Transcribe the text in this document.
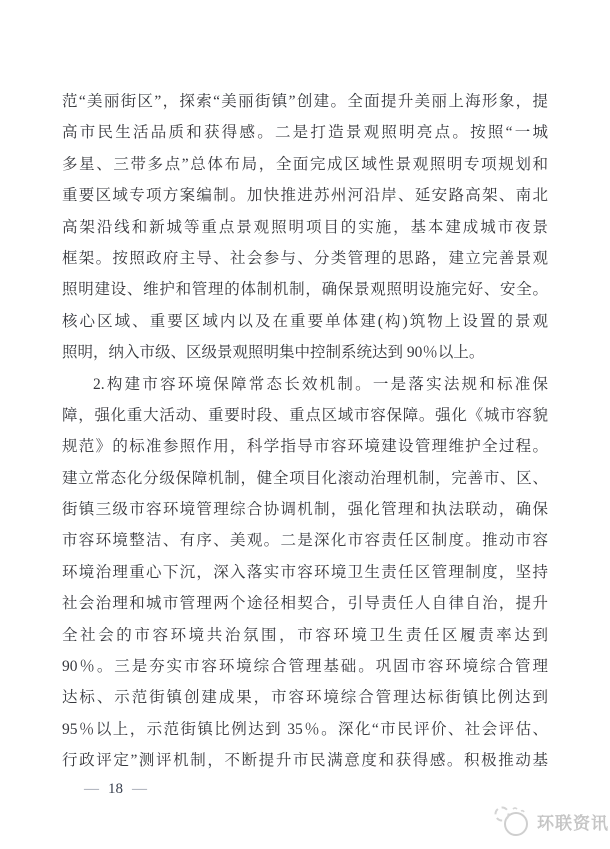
范“美丽街区”，探索“美丽街镇”创建。全面提升美丽上海形象，提
高市民生活品质和获得感。二是打造景观照明亮点。按照“一城
多星、三带多点”总体布局，全面完成区域性景观照明专项规划和
重要区域专项方案编制。加快推进苏州河沿岸、延安路高架、南北
高架沿线和新城等重点景观照明项目的实施，基本建成城市夜景
框架。按照政府主导、社会参与、分类管理的思路，建立完善景观
照明建设、维护和管理的体制机制，确保景观照明设施完好、安全。
核心区域、重要区域内以及在重要单体建(构)筑物上设置的景观
照明，纳入市级、区级景观照明集中控制系统达到 90％以上。
2.构建市容环境保障常态长效机制。一是落实法规和标准保
障，强化重大活动、重要时段、重点区域市容保障。强化《城市容貌
规范》的标准参照作用，科学指导市容环境建设管理维护全过程。
建立常态化分级保障机制，健全项目化滚动治理机制，完善市、区、
街镇三级市容环境管理综合协调机制，强化管理和执法联动，确保
市容环境整洁、有序、美观。二是深化市容责任区制度。推动市容
环境治理重心下沉，深入落实市容环境卫生责任区管理制度，坚持
社会治理和城市管理两个途径相契合，引导责任人自律自治，提升
全社会的市容环境共治氛围，市容环境卫生责任区履责率达到
90％。三是夯实市容环境综合管理基础。巩固市容环境综合管理
达标、示范街镇创建成果，市容环境综合管理达标街镇比例达到
95％以上，示范街镇比例达到 35％。深化“市民评价、社会评估、
行政评定”测评机制，不断提升市民满意度和获得感。积极推动基
— 18 —
环联资讯
